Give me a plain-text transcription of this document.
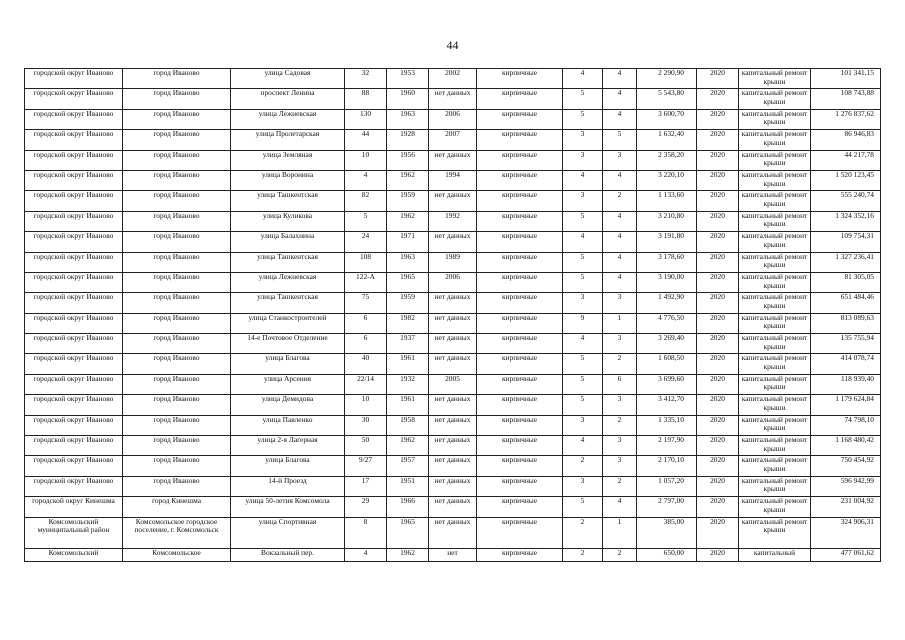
44
городской округ Иваново	город Иваново	улица Садовая	32	1953	2002	кирпичные	4	4	2 290,90	2020	капитальный ремонт крыши	101 341,15
городской округ Иваново	город Иваново	проспект Ленина	88	1960	нет данных	кирпичные	5	4	5 543,80	2020	капитальный ремонт крыши	108 743,88
городской округ Иваново	город Иваново	улица Лежневская	130	1963	2006	кирпичные	5	4	3 600,70	2020	капитальный ремонт крыши	1 276 837,62
городской округ Иваново	город Иваново	улица Пролетарская	44	1928	2007	кирпичные	3	5	1 632,40	2020	капитальный ремонт крыши	86 946,83
городской округ Иваново	город Иваново	улица Земляная	10	1956	нет данных	кирпичные	3	3	2 358,20	2020	капитальный ремонт крыши	44 217,78
городской округ Иваново	город Иваново	улица Воронина	4	1962	1994	кирпичные	4	4	3 220,10	2020	капитальный ремонт крыши	1 520 123,45
городской округ Иваново	город Иваново	улица Ташкентская	82	1959	нет данных	кирпичные	3	2	1 133,60	2020	капитальный ремонт крыши	555 240,74
городской округ Иваново	город Иваново	улица Куликова	5	1962	1992	кирпичные	5	4	3 210,80	2020	капитальный ремонт крыши	1 324 352,16
городской округ Иваново	город Иваново	улица Балахнина	24	1971	нет данных	кирпичные	4	4	3 191,80	2020	капитальный ремонт крыши	109 754,31
городской округ Иваново	город Иваново	улица Ташкентская	108	1963	1989	кирпичные	5	4	3 178,60	2020	капитальный ремонт крыши	1 327 236,41
городской округ Иваново	город Иваново	улица Лежневская	122-А	1965	2006	кирпичные	5	4	3 190,00	2020	капитальный ремонт крыши	81 305,05
городской округ Иваново	город Иваново	улица Ташкентская	75	1959	нет данных	кирпичные	3	3	1 492,90	2020	капитальный ремонт крыши	651 484,46
городской округ Иваново	город Иваново	улица Станкостроителей	6	1982	нет данных	кирпичные	9	1	4 776,50	2020	капитальный ремонт крыши	813 089,63
городской округ Иваново	город Иваново	14-е Почтовое Отделение	6	1937	нет данных	кирпичные	4	3	3 269,40	2020	капитальный ремонт крыши	135 755,94
городской округ Иваново	город Иваново	улица Благова	40	1961	нет данных	кирпичные	5	2	1 608,50	2020	капитальный ремонт крыши	414 078,74
городской округ Иваново	город Иваново	улица Арсения	22/14	1932	2005	кирпичные	5	6	3 699,60	2020	капитальный ремонт крыши	118 939,40
городской округ Иваново	город Иваново	улица Демидова	10	1961	нет данных	кирпичные	5	3	3 412,70	2020	капитальный ремонт крыши	1 179 624,84
городской округ Иваново	город Иваново	улица Павленко	30	1958	нет данных	кирпичные	3	2	1 335,10	2020	капитальный ремонт крыши	74 798,10
городской округ Иваново	город Иваново	улица 2-я Лагерная	50	1962	нет данных	кирпичные	4	3	2 197,90	2020	капитальный ремонт крыши	1 168 480,42
городской округ Иваново	город Иваново	улица Благова	9/27	1957	нет данных	кирпичные	2	3	2 170,10	2020	капитальный ремонт крыши	750 454,92
городской округ Иваново	город Иваново	14-й Проезд	17	1951	нет данных	кирпичные	3	2	1 057,20	2020	капитальный ремонт крыши	596 942,99
городской округ Кинешма	город Кинешма	улица 50-летия Комсомола	29	1966	нет данных	кирпичные	5	4	2 797,00	2020	капитальный ремонт крыши	231 004,92
Комсомольский муниципальный район	Комсомольское городское поселение, г. Комсомольск	улица Спортивная	8	1965	нет данных	кирпичные	2	1	385,00	2020	капитальный ремонт крыши	324 906,31
Комсомольский	Комсомольское	Вокзальный пер.	4	1962	нет	кирпичные	2	2	650,00	2020	капитальный	477 061,62
